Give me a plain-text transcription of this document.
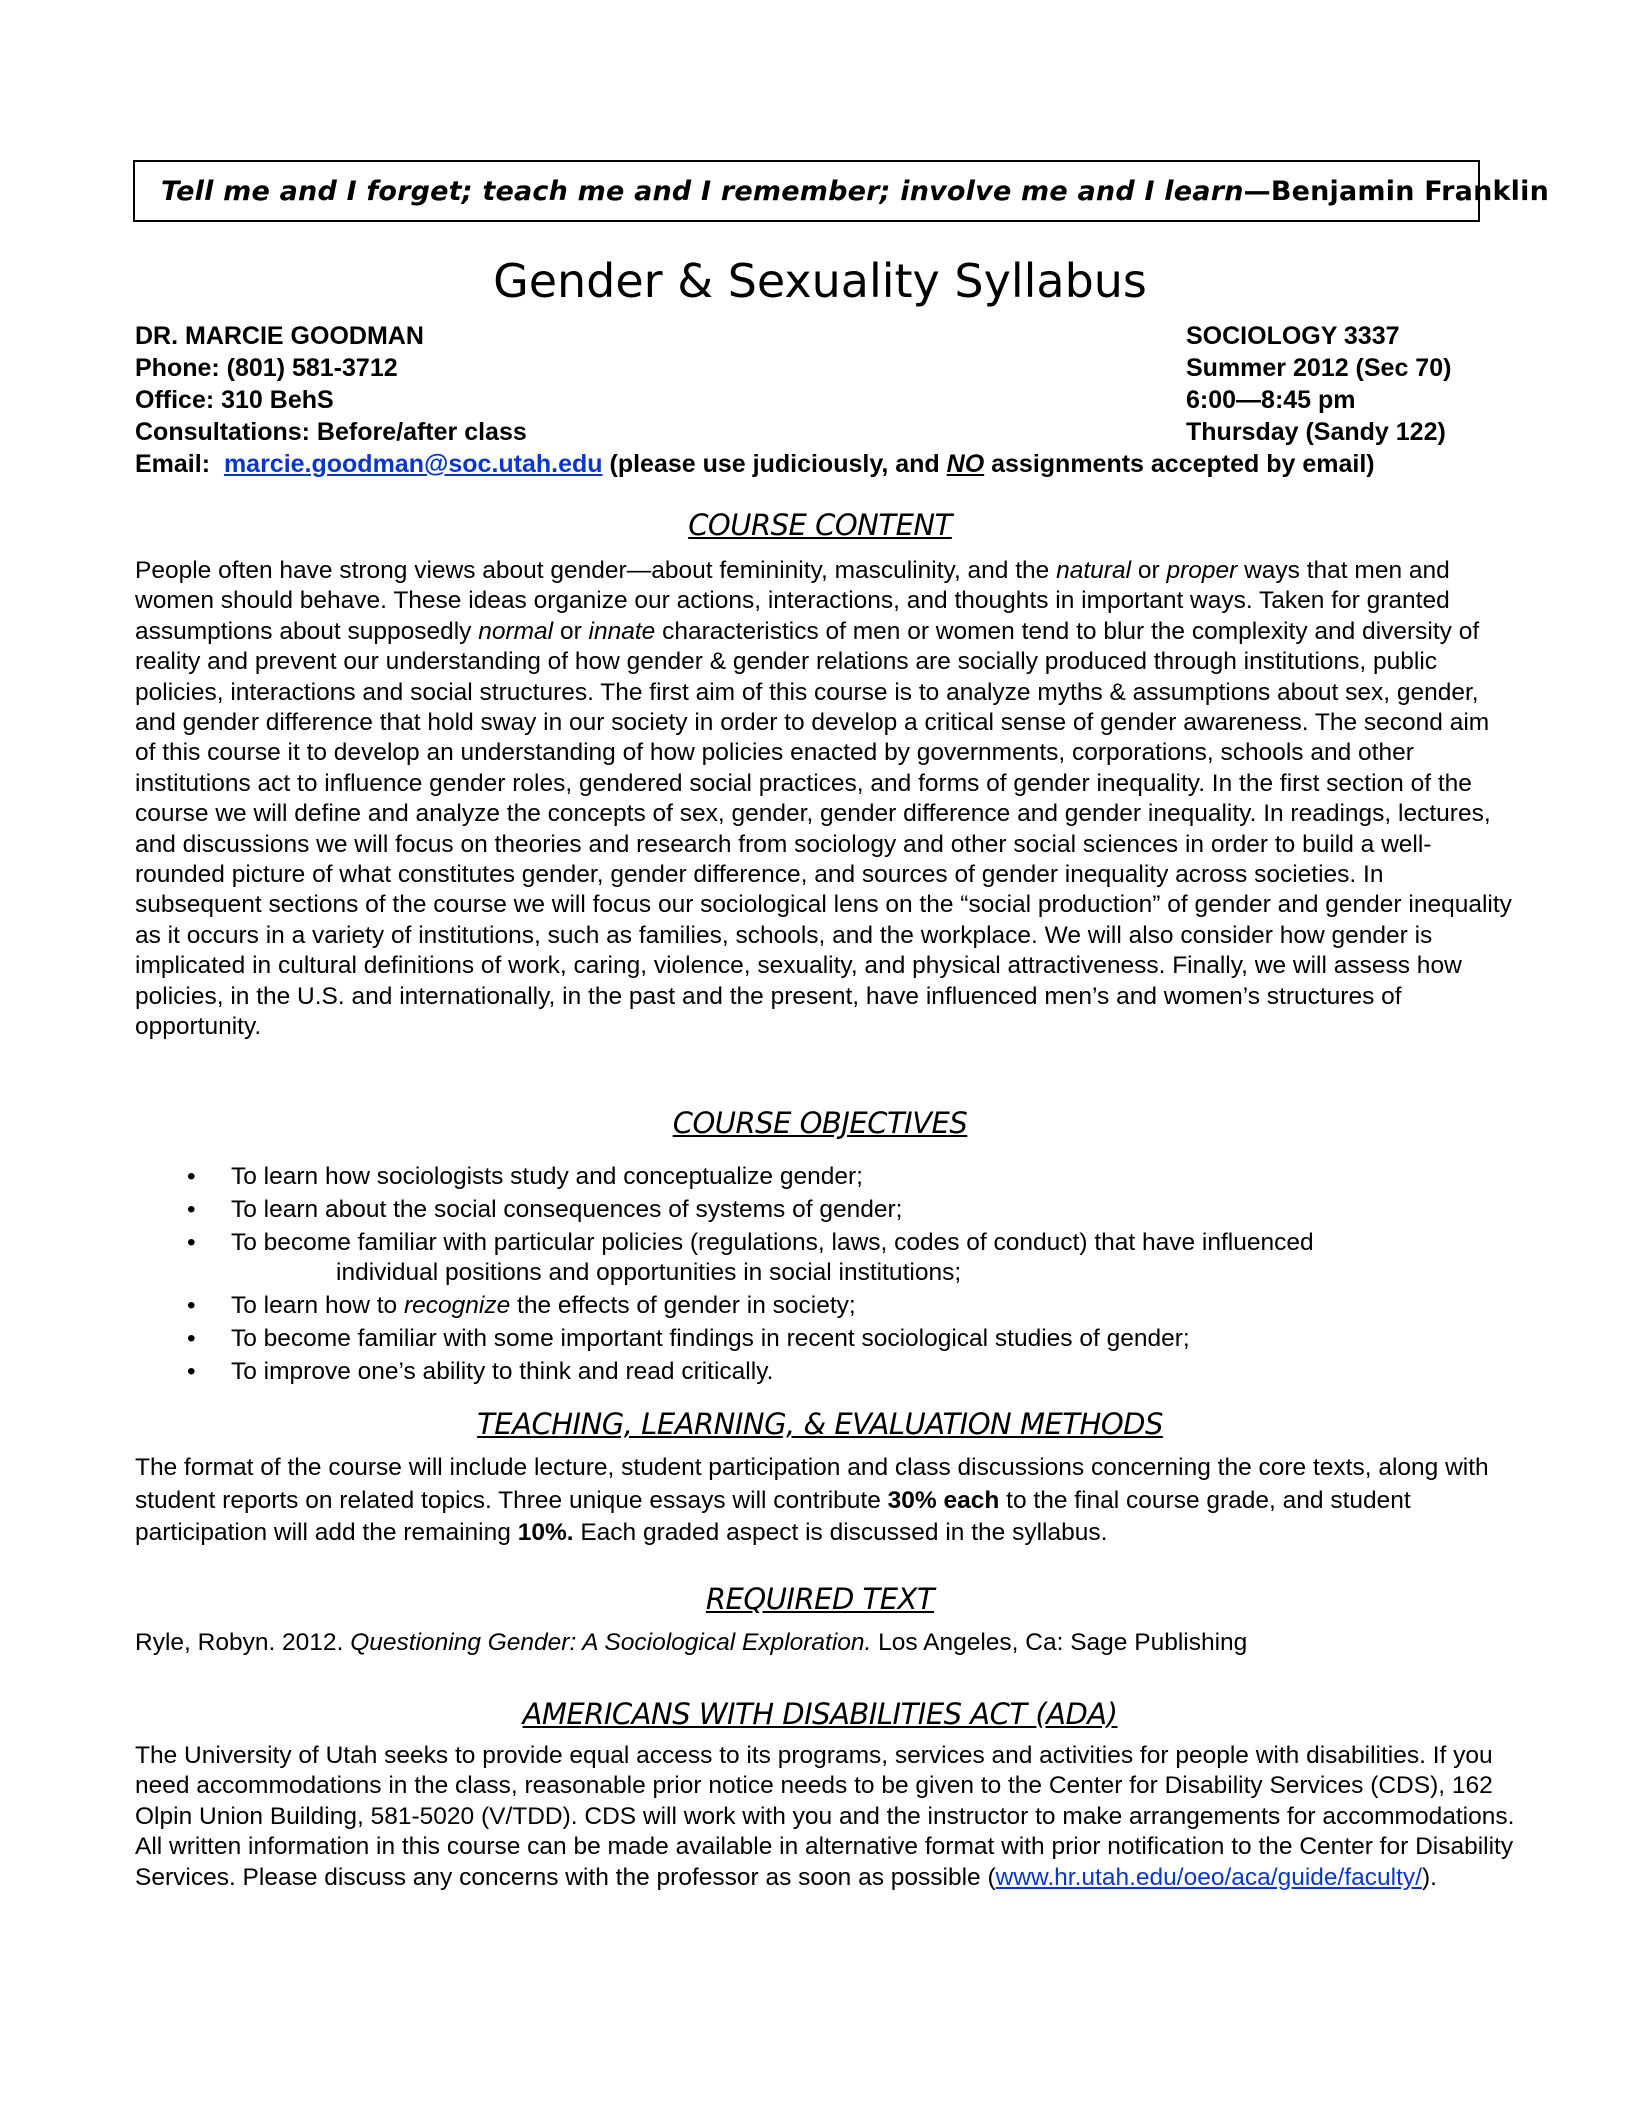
Tell me and I forget; teach me and I remember; involve me and I learn—Benjamin Franklin
Gender & Sexuality Syllabus
DR. MARCIE GOODMAN
Phone: (801) 581-3712
Office: 310 BehS
Consultations: Before/after class
SOCIOLOGY 3337
Summer 2012 (Sec 70)
6:00—8:45 pm
Thursday (Sandy 122)
Email: marcie.goodman@soc.utah.edu (please use judiciously, and NO assignments accepted by email)
COURSE CONTENT
People often have strong views about gender—about femininity, masculinity, and the natural or proper ways that men and women should behave. These ideas organize our actions, interactions, and thoughts in important ways. Taken for granted assumptions about supposedly normal or innate characteristics of men or women tend to blur the complexity and diversity of reality and prevent our understanding of how gender & gender relations are socially produced through institutions, public policies, interactions and social structures. The first aim of this course is to analyze myths & assumptions about sex, gender, and gender difference that hold sway in our society in order to develop a critical sense of gender awareness. The second aim of this course it to develop an understanding of how policies enacted by governments, corporations, schools and other institutions act to influence gender roles, gendered social practices, and forms of gender inequality. In the first section of the course we will define and analyze the concepts of sex, gender, gender difference and gender inequality. In readings, lectures, and discussions we will focus on theories and research from sociology and other social sciences in order to build a well-rounded picture of what constitutes gender, gender difference, and sources of gender inequality across societies. In subsequent sections of the course we will focus our sociological lens on the “social production” of gender and gender inequality as it occurs in a variety of institutions, such as families, schools, and the workplace. We will also consider how gender is implicated in cultural definitions of work, caring, violence, sexuality, and physical attractiveness. Finally, we will assess how policies, in the U.S. and internationally, in the past and the present, have influenced men’s and women’s structures of opportunity.
COURSE OBJECTIVES
• To learn how sociologists study and conceptualize gender;
• To learn about the social consequences of systems of gender;
• To become familiar with particular policies (regulations, laws, codes of conduct) that have influenced
individual positions and opportunities in social institutions;
• To learn how to recognize the effects of gender in society;
• To become familiar with some important findings in recent sociological studies of gender;
• To improve one’s ability to think and read critically.
TEACHING, LEARNING, & EVALUATION METHODS
The format of the course will include lecture, student participation and class discussions concerning the core texts, along with student reports on related topics. Three unique essays will contribute 30% each to the final course grade, and student participation will add the remaining 10%. Each graded aspect is discussed in the syllabus.
REQUIRED TEXT
Ryle, Robyn. 2012. Questioning Gender: A Sociological Exploration. Los Angeles, Ca: Sage Publishing
AMERICANS WITH DISABILITIES ACT (ADA)
The University of Utah seeks to provide equal access to its programs, services and activities for people with disabilities. If you need accommodations in the class, reasonable prior notice needs to be given to the Center for Disability Services (CDS), 162 Olpin Union Building, 581-5020 (V/TDD). CDS will work with you and the instructor to make arrangements for accommodations. All written information in this course can be made available in alternative format with prior notification to the Center for Disability Services. Please discuss any concerns with the professor as soon as possible (www.hr.utah.edu/oeo/aca/guide/faculty/).
